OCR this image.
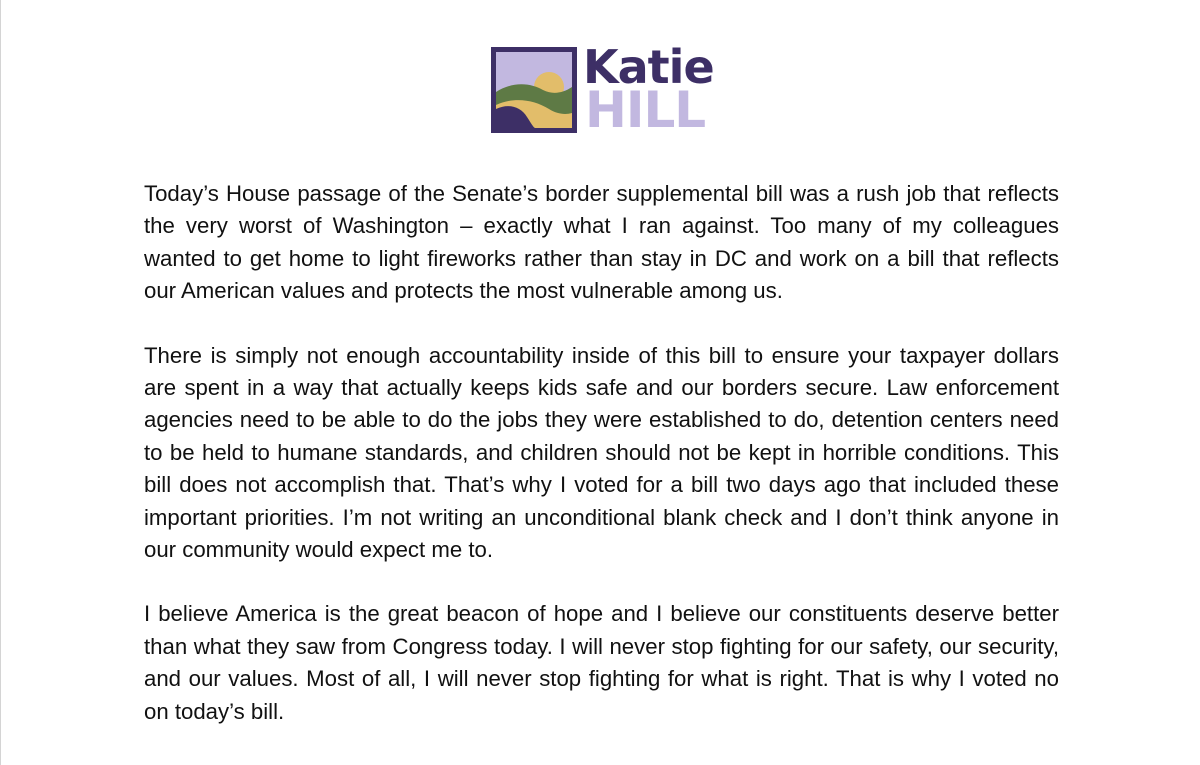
Katie
HILL

Today’s House passage of the Senate’s border supplemental bill was a rush job that reflects the very worst of Washington – exactly what I ran against. Too many of my colleagues wanted to get home to light fireworks rather than stay in DC and work on a bill that reflects our American values and protects the most vulnerable among us.

There is simply not enough accountability inside of this bill to ensure your taxpayer dollars are spent in a way that actually keeps kids safe and our borders secure. Law enforcement agencies need to be able to do the jobs they were established to do, detention centers need to be held to humane standards, and children should not be kept in horrible conditions. This bill does not accomplish that. That’s why I voted for a bill two days ago that included these important priorities. I’m not writing an unconditional blank check and I don’t think anyone in our community would expect me to.

I believe America is the great beacon of hope and I believe our constituents deserve better than what they saw from Congress today. I will never stop fighting for our safety, our security, and our values. Most of all, I will never stop fighting for what is right. That is why I voted no on today’s bill.
